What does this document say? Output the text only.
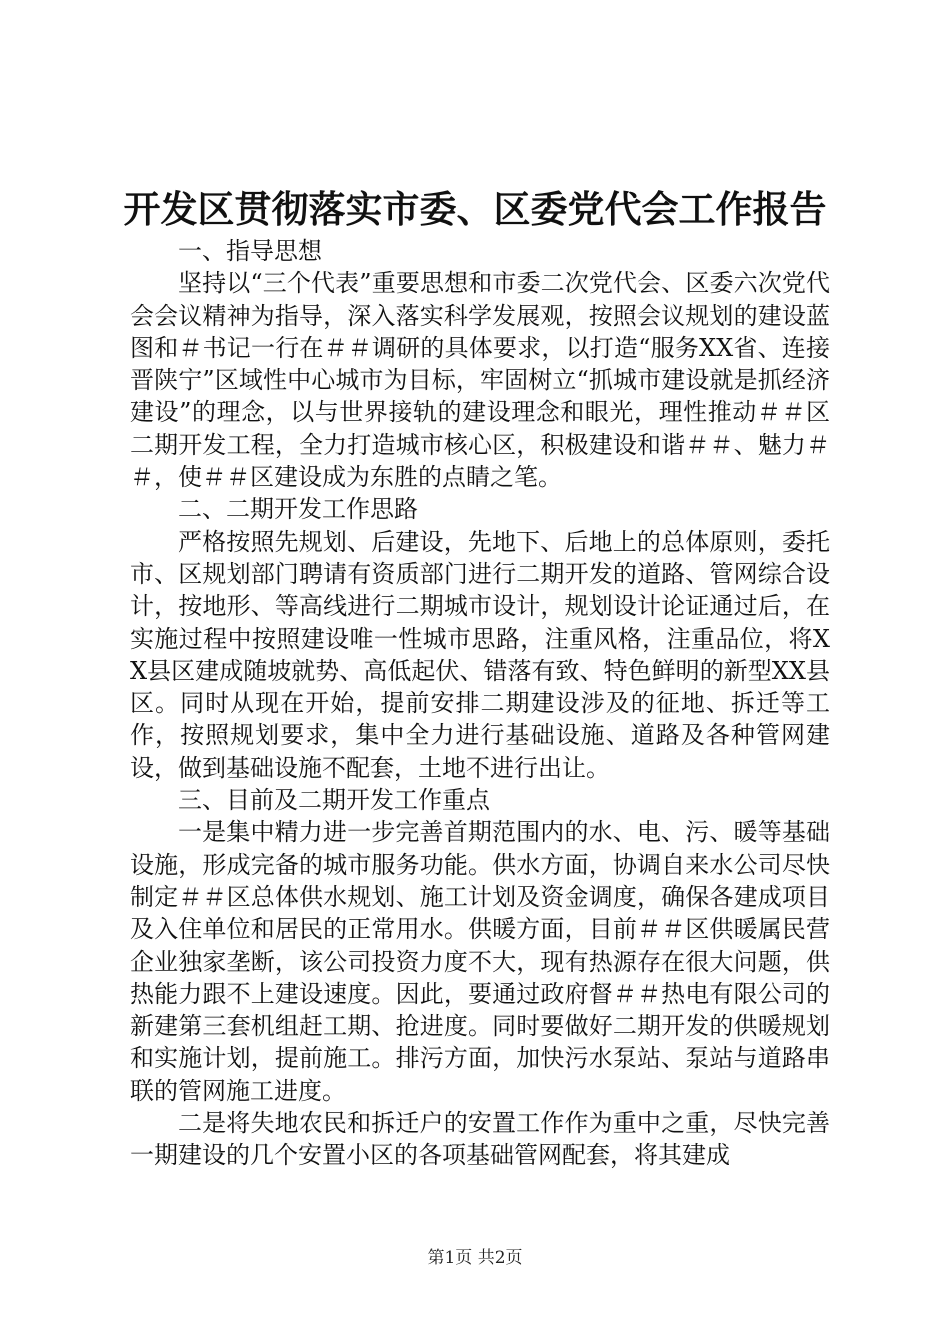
开发区贯彻落实市委、区委党代会工作报告

一、指导思想

坚持以“三个代表”重要思想和市委二次党代会、区委六次党代会会议精神为指导，深入落实科学发展观，按照会议规划的建设蓝图和＃书记一行在＃＃调研的具体要求，以打造“服务XX省、连接晋陕宁”区域性中心城市为目标，牢固树立“抓城市建设就是抓经济建设”的理念，以与世界接轨的建设理念和眼光，理性推动＃＃区二期开发工程，全力打造城市核心区，积极建设和谐＃＃、魅力＃＃，使＃＃区建设成为东胜的点睛之笔。

二、二期开发工作思路

严格按照先规划、后建设，先地下、后地上的总体原则，委托市、区规划部门聘请有资质部门进行二期开发的道路、管网综合设计，按地形、等高线进行二期城市设计，规划设计论证通过后，在实施过程中按照建设唯一性城市思路，注重风格，注重品位，将XX县区建成随坡就势、高低起伏、错落有致、特色鲜明的新型XX县区。同时从现在开始，提前安排二期建设涉及的征地、拆迁等工作，按照规划要求，集中全力进行基础设施、道路及各种管网建设，做到基础设施不配套，土地不进行出让。

三、目前及二期开发工作重点

一是集中精力进一步完善首期范围内的水、电、污、暖等基础设施，形成完备的城市服务功能。供水方面，协调自来水公司尽快制定＃＃区总体供水规划、施工计划及资金调度，确保各建成项目及入住单位和居民的正常用水。供暖方面，目前＃＃区供暖属民营企业独家垄断，该公司投资力度不大，现有热源存在很大问题，供热能力跟不上建设速度。因此，要通过政府督＃＃热电有限公司的新建第三套机组赶工期、抢进度。同时要做好二期开发的供暖规划和实施计划，提前施工。排污方面，加快污水泵站、泵站与道路串联的管网施工进度。

二是将失地农民和拆迁户的安置工作作为重中之重，尽快完善一期建设的几个安置小区的各项基础管网配套，将其建成

第1页 共2页
